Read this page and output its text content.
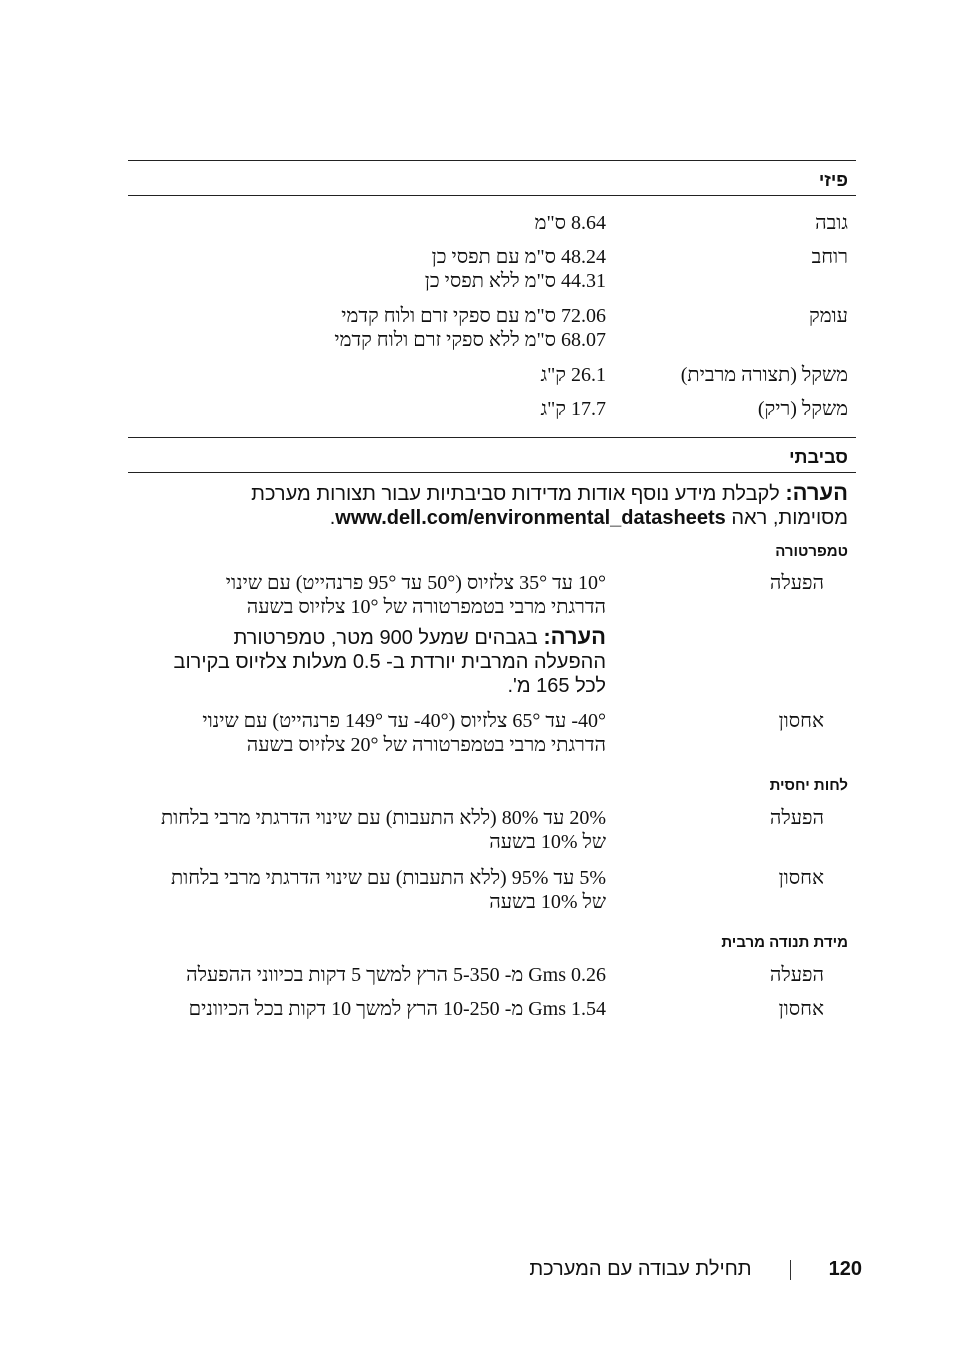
פיזי
גובה
8.64 ס"מ
רוחב
48.24 ס"מ עם תפסי כן
44.31 ס"מ ללא תפסי כן
עומק
72.06 ס"מ עם ספקי זרם ולוח קדמי
68.07 ס"מ ללא ספקי זרם ולוח קדמי
משקל (תצורה מרבית)
26.1 ק"ג
משקל (ריק)
17.7 ק"ג
סביבתי
הערה: לקבלת מידע נוסף אודות מדידות סביבתיות עבור תצורות מערכת
מסוימות, ראה www.dell.com/environmental_datasheets.
טמפרטורה
הפעלה
‎10°‎ עד ‎35°‎ צלזיוס (‎50°‎ עד ‎95°‎ פרנהייט) עם שינוי
הדרגתי מרבי בטמפרטורה של ‎10°‎ צלזיוס בשעה
הערה: בגבהים שמעל 900 מטר, טמפרטורת
ההפעלה המרבית יורדת ב- 0.5 מעלות צלזיוס בקירוב
לכל 165 מ'.
אחסון
‎-40°‎ עד ‎65°‎ צלזיוס (‎-40°‎ עד ‎149°‎ פרנהייט) עם שינוי
הדרגתי מרבי בטמפרטורה של ‎20°‎ צלזיוס בשעה
לחות יחסית
הפעלה
20% עד 80% (ללא התעבות) עם שינוי הדרגתי מרבי בלחות
של 10% בשעה
אחסון
5% עד 95% (ללא התעבות) עם שינוי הדרגתי מרבי בלחות
של 10% בשעה
מידת תנודה מרבית
הפעלה
0.26 Gms מ- 5-350 הרץ למשך 5 דקות בכיווני ההפעלה
אחסון
1.54 Gms מ- 10-250 הרץ למשך 10 דקות בכל הכיוונים
120
תחילת עבודה עם המערכת
